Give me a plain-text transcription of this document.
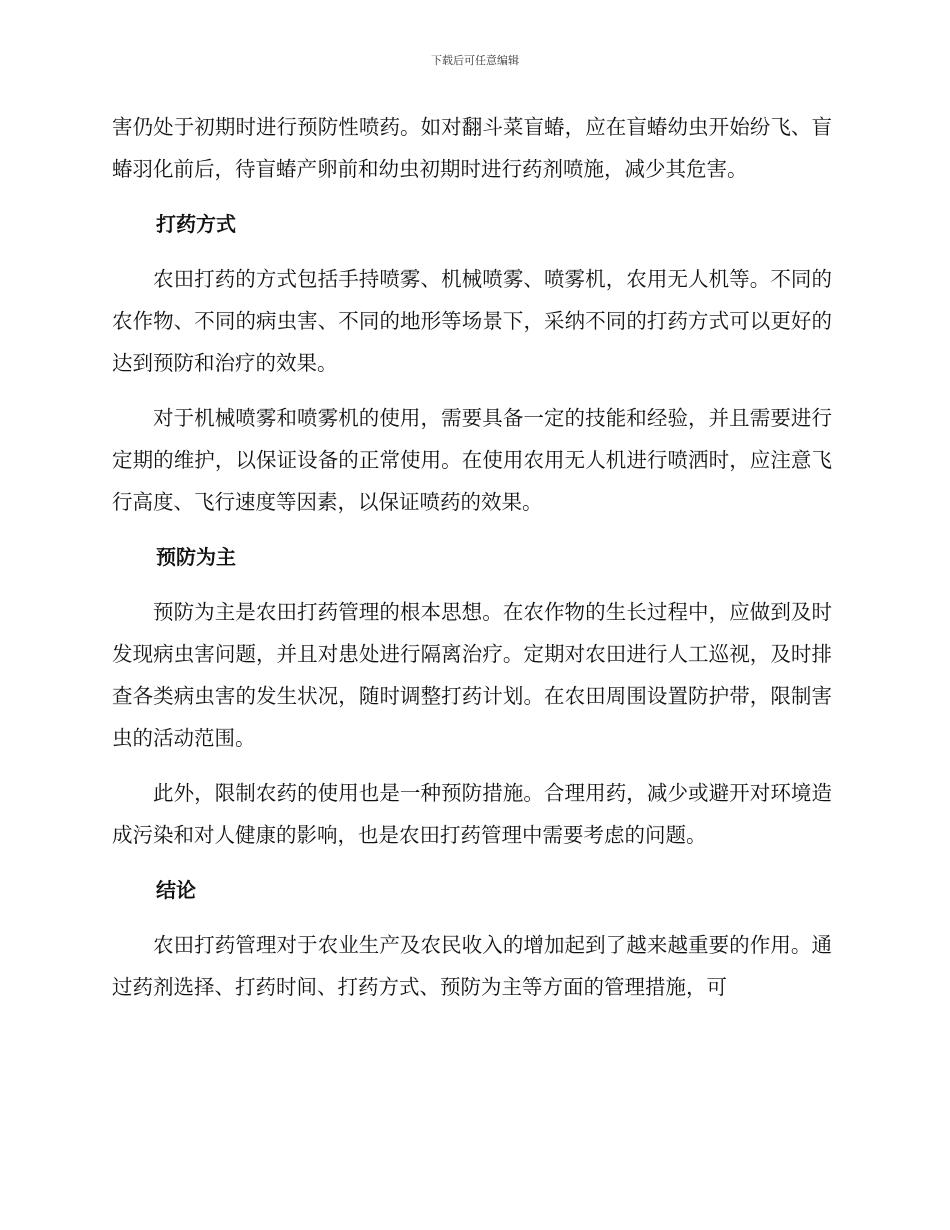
下载后可任意编辑

害仍处于初期时进行预防性喷药。如对翻斗菜盲蝽，应在盲蝽幼虫开始纷飞、盲蝽羽化前后，待盲蝽产卵前和幼虫初期时进行药剂喷施，减少其危害。

打药方式

农田打药的方式包括手持喷雾、机械喷雾、喷雾机，农用无人机等。不同的农作物、不同的病虫害、不同的地形等场景下，采纳不同的打药方式可以更好的达到预防和治疗的效果。

对于机械喷雾和喷雾机的使用，需要具备一定的技能和经验，并且需要进行定期的维护，以保证设备的正常使用。在使用农用无人机进行喷洒时，应注意飞行高度、飞行速度等因素，以保证喷药的效果。

预防为主

预防为主是农田打药管理的根本思想。在农作物的生长过程中，应做到及时发现病虫害问题，并且对患处进行隔离治疗。定期对农田进行人工巡视，及时排查各类病虫害的发生状况，随时调整打药计划。在农田周围设置防护带，限制害虫的活动范围。

此外，限制农药的使用也是一种预防措施。合理用药，减少或避开对环境造成污染和对人健康的影响，也是农田打药管理中需要考虑的问题。

结论

农田打药管理对于农业生产及农民收入的增加起到了越来越重要的作用。通过药剂选择、打药时间、打药方式、预防为主等方面的管理措施，可
